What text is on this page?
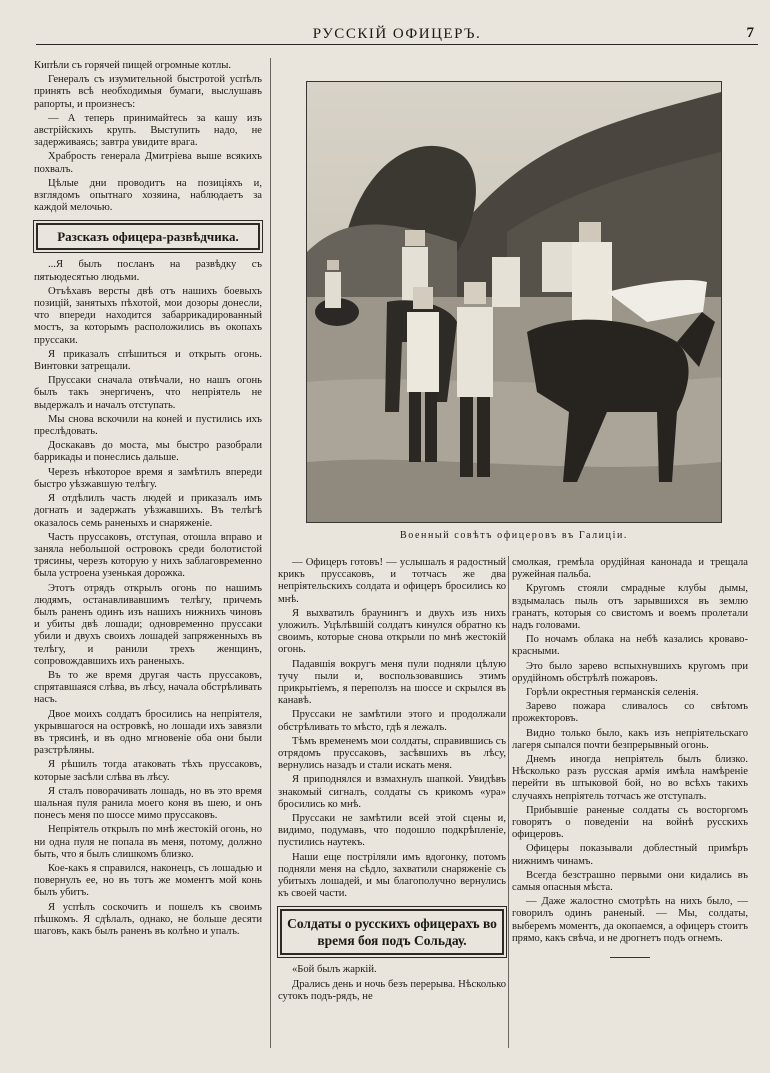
РУССКІЙ ОФИЦЕРЪ.	7

Кипѣли съ горячей пищей огромные котлы.

Генералъ съ изумительной быстротой успѣлъ принять всѣ необходимыя бумаги, выслушавъ рапорты, и произнесъ:

— А теперь принимайтесь за кашу изъ австрійскихъ крупъ. Выступить надо, не задерживаясь; завтра увидите врага.

Храбрость генерала Дмитріева выше всякихъ похвалъ.

Цѣлые дни проводитъ на позиціяхъ и, взглядомъ опытнаго хозяина, наблюдаетъ за каждой мелочью.

Разсказъ офицера-развѣдчика.

...Я былъ посланъ на развѣдку съ пятьюдесятью людьми.

Отъѣхавъ версты двѣ отъ нашихъ боевыхъ позицій, занятыхъ пѣхотой, мои дозоры донесли, что впереди находится забаррикадированный мостъ, за которымъ расположились въ окопахъ пруссаки.

Я приказалъ спѣшиться и открыть огонь. Винтовки затрещали.

Пруссаки сначала отвѣчали, но нашъ огонь былъ такъ энергиченъ, что непріятель не выдержалъ и началъ отступать.

Мы снова вскочили на коней и пустились ихъ преслѣдовать.

Доскакавъ до моста, мы быстро разобрали баррикады и понеслись дальше.

Черезъ нѣкоторое время я замѣтилъ впереди быстро уѣзжавшую телѣгу.

Я отдѣлилъ часть людей и приказалъ имъ догнать и задержать уѣзжавшихъ. Въ телѣгѣ оказалось семь раненыхъ и снаряженіе.

Часть пруссаковъ, отступая, отошла вправо и заняла небольшой островокъ среди болотистой трясины, черезъ которую у нихъ заблаговременно была устроена узенькая дорожка.

Этотъ отрядъ открылъ огонь по нашимъ людямъ, останавливавшимъ телѣгу, причемъ былъ раненъ одинъ изъ нашихъ нижнихъ чиновъ и убиты двѣ лошади; одновременно пруссаки убили и двухъ своихъ лошадей запряженныхъ въ телѣгу, и ранили трехъ женщинъ, сопровождавшихъ ихъ раненыхъ.

Въ то же время другая часть пруссаковъ, спрятавшаяся слѣва, въ лѣсу, начала обстрѣливать насъ.

Двое моихъ солдатъ бросились на непріятеля, укрывшагося на островкѣ, но лошади ихъ завязли въ трясинѣ, и въ одно мгновеніе оба они были разстрѣляны.

Я рѣшилъ тогда атаковать тѣхъ пруссаковъ, которые засѣли слѣва въ лѣсу.

Я сталъ поворачивать лошадь, но въ это время шальная пуля ранила моего коня въ шею, и онъ понесъ меня по шоссе мимо пруссаковъ.

Непріятель открылъ по мнѣ жестокій огонь, но ни одна пуля не попала въ меня, потому, должно быть, что я былъ слишкомъ близко.

Кое-какъ я справился, наконецъ, съ лошадью и повернулъ ее, но въ тотъ же моментъ мой конь былъ убитъ.

Я успѣлъ соскочить и пошелъ къ своимъ пѣшкомъ. Я сдѣлалъ, однако, не больше десяти шаговъ, какъ былъ раненъ въ колѣно и упалъ.

Военный совѣтъ офицеровъ въ Галиціи.

— Офицеръ готовъ! — услышалъ я радостный крикъ пруссаковъ, и тотчасъ же два непріятельскихъ солдата и офицеръ бросились ко мнѣ.

Я выхватилъ браунингъ и двухъ изъ нихъ уложилъ. Уцѣлѣвшій солдатъ кинулся обратно къ своимъ, которые снова открыли по мнѣ жестокій огонь.

Падавшія вокругъ меня пули подняли цѣлую тучу пыли и, воспользовавшись этимъ прикрытіемъ, я переползъ на шоссе и скрылся въ канавѣ.

Пруссаки не замѣтили этого и продолжали обстрѣливать то мѣсто, гдѣ я лежалъ.

Тѣмъ временемъ мои солдаты, справившись съ отрядомъ пруссаковъ, засѣвшихъ въ лѣсу, вернулись назадъ и стали искать меня.

Я приподнялся и взмахнулъ шапкой. Увидѣвъ знакомый сигналъ, солдаты съ крикомъ «ура» бросились ко мнѣ.

Пруссаки не замѣтили всей этой сцены и, видимо, подумавъ, что подошло подкрѣпленіе, пустились наутекъ.

Наши еще постріляли имъ вдогонку, потомъ подняли меня на сѣдло, захватили снаряженіе съ убитыхъ лошадей, и мы благополучно вернулись къ своей части.

Солдаты о русскихъ офицерахъ во время боя подъ Сольдау.

«Бой былъ жаркій.

Дрались день и ночь безъ перерыва. Нѣсколько сутокъ подъ-рядъ, не

смолкая, гремѣла орудійная канонада и трещала ружейная пальба.

Кругомъ стояли смрадные клубы дымы, вздымалась пыль отъ зарывшихся въ землю гранатъ, которыя со свистомъ и воемъ пролетали надъ головами.

По ночамъ облака на небѣ казались кроваво-красными.

Это было зарево вспыхнувшихъ кругомъ при орудійномъ обстрѣлѣ пожаровъ.

Горѣли окрестныя германскія селенія.

Зарево пожара сливалось со свѣтомъ прожекторовъ.

Видно только было, какъ изъ непріятельскаго лагеря сыпался почти безпрерывный огонь.

Днемъ иногда непріятель былъ близко. Нѣсколько разъ русская армія имѣла намѣреніе перейти въ штыковой бой, но во всѣхъ такихъ случаяхъ непріятель тотчасъ же отступалъ.

Прибывшіе раненые солдаты съ восторгомъ говорятъ о поведеніи на войнѣ русскихъ офицеровъ.

Офицеры показывали доблестный примѣръ нижнимъ чинамъ.

Всегда безстрашно первыми они кидались въ самыя опасныя мѣста.

— Даже жалостно смотрѣть на нихъ было, — говорилъ одинъ раненый. — Мы, солдаты, выберемъ моментъ, да окопаемся, а офицеръ стоитъ прямо, какъ свѣча, и не дрогнетъ подъ огнемъ.
